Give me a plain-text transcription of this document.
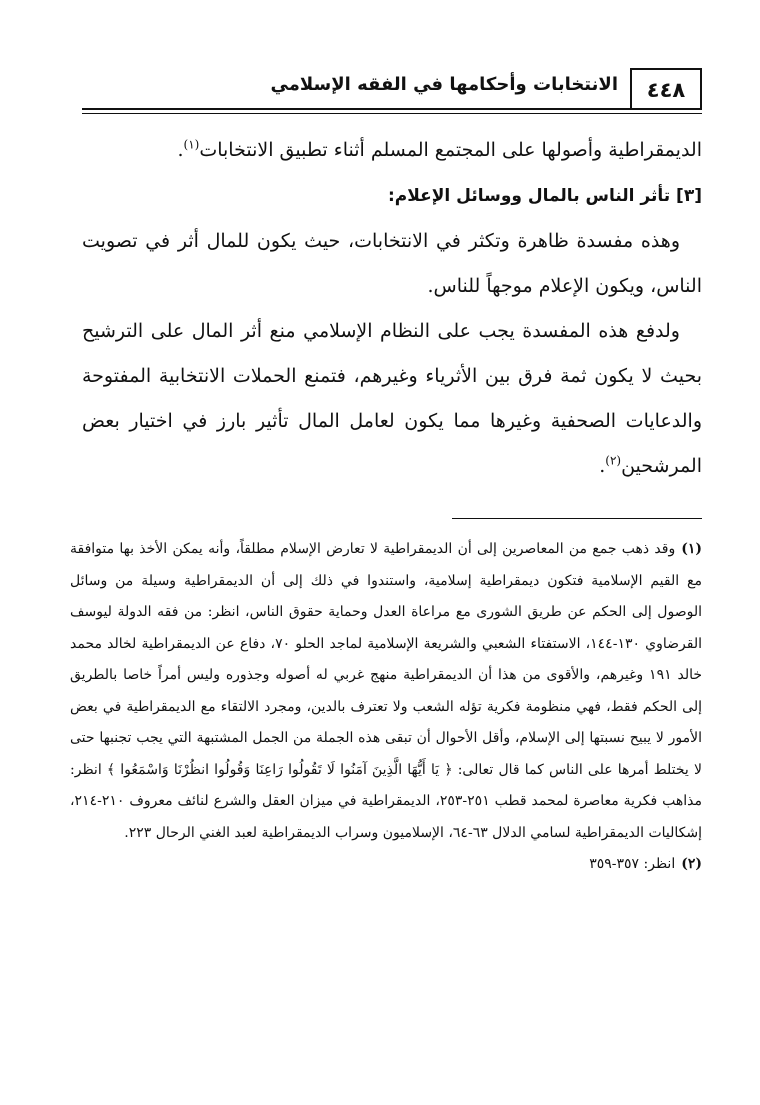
٤٤٨
الانتخابات وأحكامها في الفقه الإسلامي

الديمقراطية وأصولها على المجتمع المسلم أثناء تطبيق الانتخابات$^{(١)}$.

[٣] تأثر الناس بالمال ووسائل الإعلام:

وهذه مفسدة ظاهرة وتكثر في الانتخابات، حيث يكون للمال أثر في تصويت الناس، ويكون الإعلام موجهاً للناس.

ولدفع هذه المفسدة يجب على النظام الإسلامي منع أثر المال على الترشيح بحيث لا يكون ثمة فرق بين الأثرياء وغيرهم، فتمنع الحملات الانتخابية المفتوحة والدعايات الصحفية وغيرها مما يكون لعامل المال تأثير بارز في اختيار بعض المرشحين$^{(٢)}$.

(١)وقد ذهب جمع من المعاصرين إلى أن الديمقراطية لا تعارض الإسلام مطلقاً، وأنه يمكن الأخذ بها متوافقة مع القيم الإسلامية فتكون ديمقراطية إسلامية، واستندوا في ذلك إلى أن الديمقراطية وسيلة من وسائل الوصول إلى الحكم عن طريق الشورى مع مراعاة العدل وحماية حقوق الناس، انظر: من فقه الدولة ليوسف القرضاوي ١٣٠-١٤٤، الاستفتاء الشعبي والشريعة الإسلامية لماجد الحلو ٧٠، دفاع عن الديمقراطية لخالد محمد خالد ١٩١ وغيرهم، والأقوى من هذا أن الديمقراطية منهج غربي له أصوله وجذوره وليس أمراً خاصا بالطريق إلى الحكم فقط، فهي منظومة فكرية تؤله الشعب ولا تعترف بالدين، ومجرد الالتقاء مع الديمقراطية في بعض الأمور لا يبيح نسبتها إلى الإسلام، وأقل الأحوال أن تبقى هذه الجملة من الجمل المشتبهة التي يجب تجنبها حتى لا يختلط أمرها على الناس كما قال تعالى: ﴿ يَا أَيُّهَا الَّذِينَ آمَنُوا لَا تَقُولُوا رَاعِنَا وَقُولُوا انظُرْنَا وَاسْمَعُوا ﴾ انظر: مذاهب فكرية معاصرة لمحمد قطب ٢٥١-٢٥٣، الديمقراطية في ميزان العقل والشرع لنائف معروف ٢١٠-٢١٤، إشكاليات الديمقراطية لسامي الدلال ٦٣-٦٤، الإسلاميون وسراب الديمقراطية لعبد الغني الرحال ٢٢٣.

(٢)انظر: ٣٥٧-٣٥٩
